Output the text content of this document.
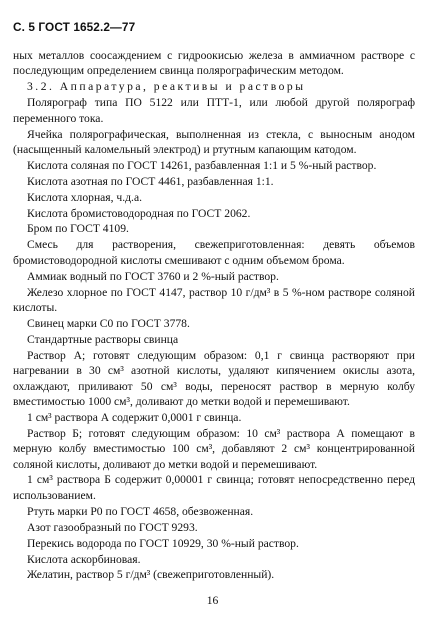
С. 5 ГОСТ 1652.2—77

ных металлов соосаждением с гидроокисью железа в аммиачном растворе с последующим определением свинца полярографическим методом.

3.2. Аппаратура, реактивы и растворы

Полярограф типа ПО 5122 или ПТТ-1, или любой другой полярограф переменного тока.

Ячейка полярографическая, выполненная из стекла, с выносным анодом (насыщенный каломельный электрод) и ртутным капающим катодом.

Кислота соляная по ГОСТ 14261, разбавленная 1:1 и 5 %-ный раствор.

Кислота азотная по ГОСТ 4461, разбавленная 1:1.

Кислота хлорная, ч.д.а.

Кислота бромистоводородная по ГОСТ 2062.

Бром по ГОСТ 4109.

Смесь для растворения, свежеприготовленная: девять объемов бромистоводородной кислоты смешивают с одним объемом брома.

Аммиак водный по ГОСТ 3760 и 2 %-ный раствор.

Железо хлорное по ГОСТ 4147, раствор 10 г/дм³ в 5 %-ном растворе соляной кислоты.

Свинец марки С0 по ГОСТ 3778.

Стандартные растворы свинца

Раствор А; готовят следующим образом: 0,1 г свинца растворяют при нагревании в 30 см³ азотной кислоты, удаляют кипячением окислы азота, охлаждают, приливают 50 см³ воды, переносят раствор в мерную колбу вместимостью 1000 см³, доливают до метки водой и перемешивают.

1 см³ раствора А содержит 0,0001 г свинца.

Раствор Б; готовят следующим образом: 10 см³ раствора А помещают в мерную колбу вместимостью 100 см³, добавляют 2 см³ концентрированной соляной кислоты, доливают до метки водой и перемешивают.

1 см³ раствора Б содержит 0,00001 г свинца; готовят непосредственно перед использованием.

Ртуть марки Р0 по ГОСТ 4658, обезвоженная.

Азот газообразный по ГОСТ 9293.

Перекись водорода по ГОСТ 10929, 30 %-ный раствор.

Кислота аскорбиновая.

Желатин, раствор 5 г/дм³ (свежеприготовленный).

16
